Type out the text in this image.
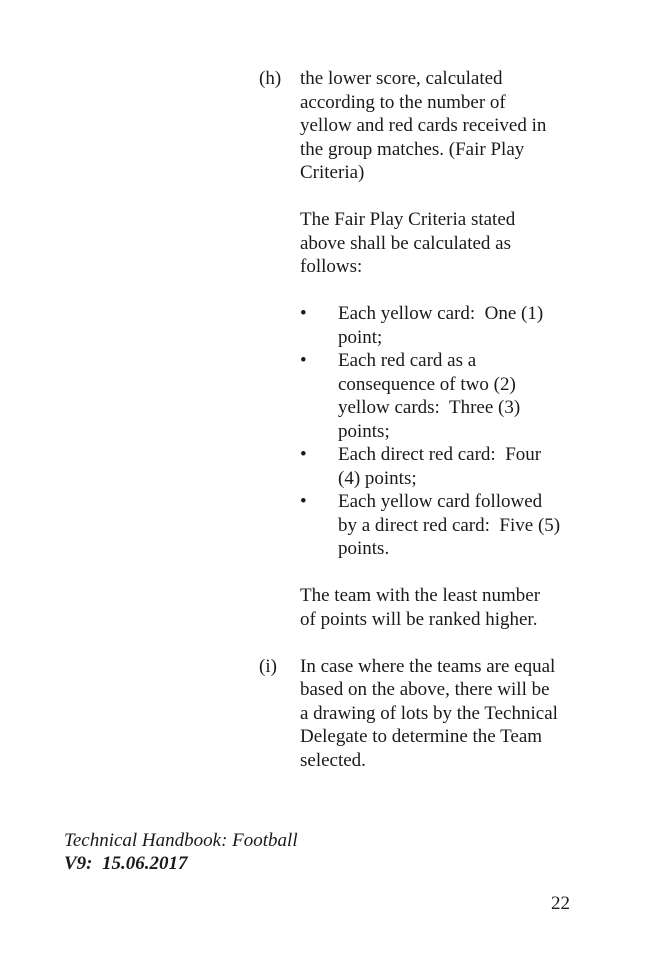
(h) the lower score, calculated
according to the number of
yellow and red cards received in
the group matches. (Fair Play
Criteria)
The Fair Play Criteria stated
above shall be calculated as
follows:
•	Each yellow card:  One (1)
point;
•	Each red card as a
consequence of two (2)
yellow cards:  Three (3)
points;
•	Each direct red card:  Four
(4) points;
•	Each yellow card followed
by a direct red card:  Five (5)
points.
The team with the least number
of points will be ranked higher.
(i)	In case where the teams are equal
based on the above, there will be
a drawing of lots by the Technical
Delegate to determine the Team
selected.
Technical Handbook: Football
V9:  15.06.2017
22
